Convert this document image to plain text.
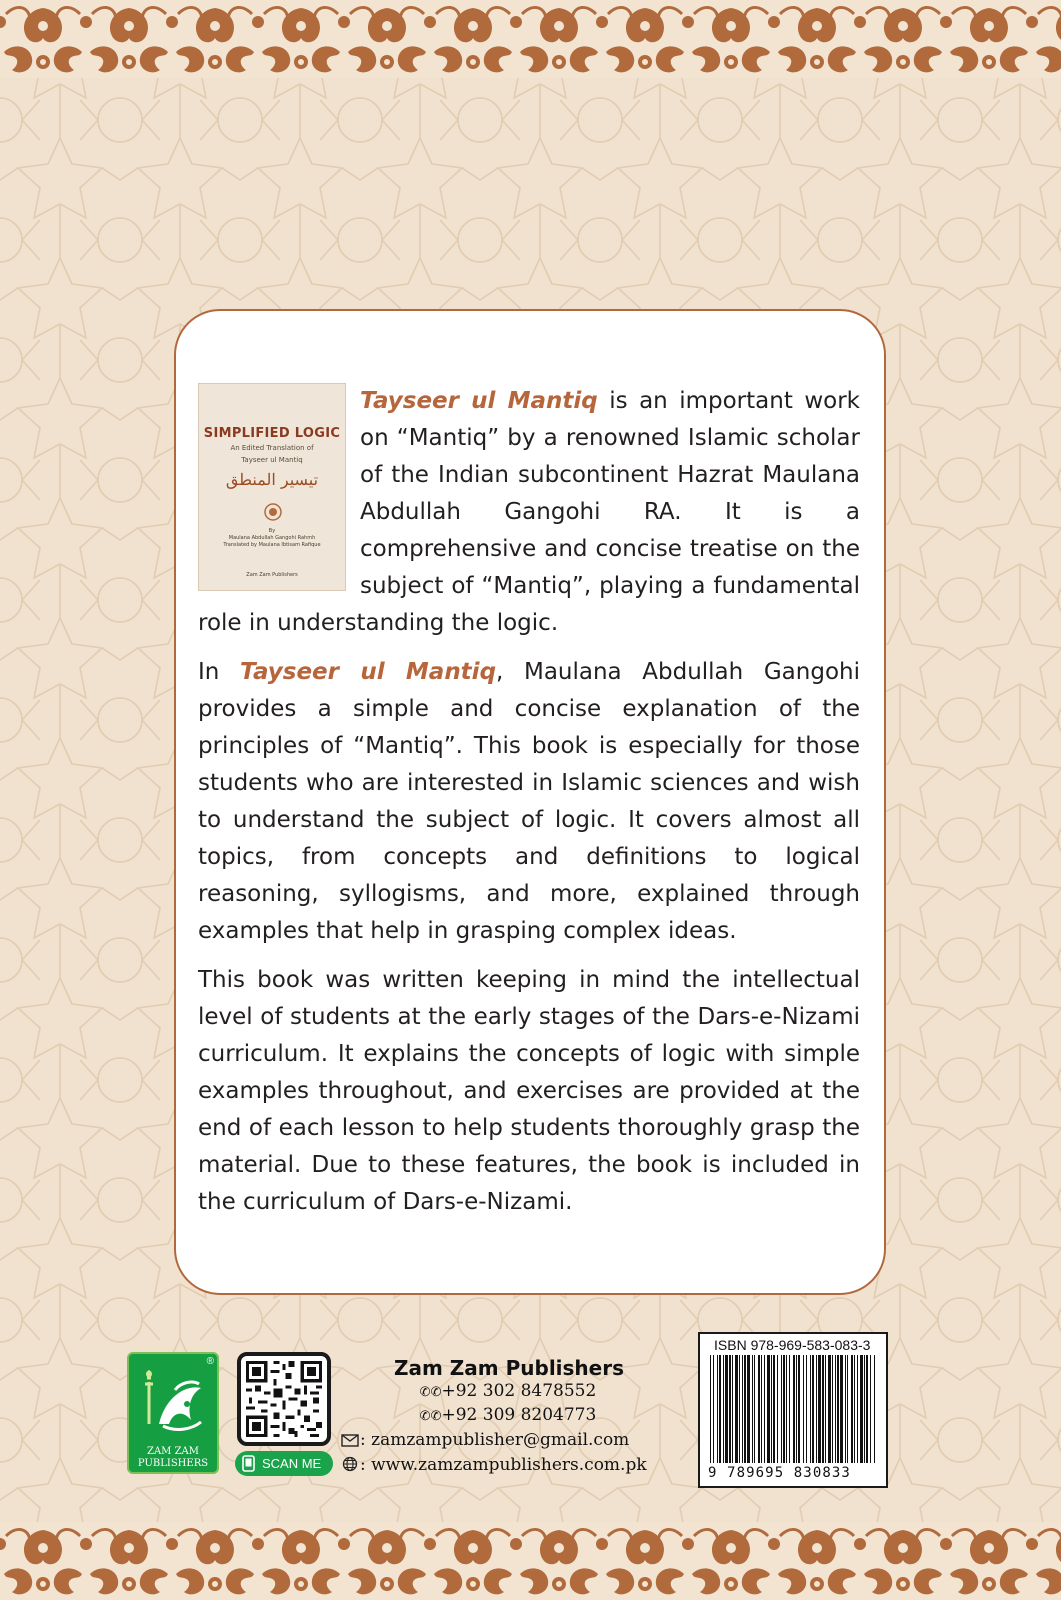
SIMPLIFIED LOGIC
An Edited Translation of
Tayseer ul Mantiq
تيسير المنطق
By
Maulana Abdullah Gangohi Rahmh
Translated by Maulana Ibtisam Rafique
Zam Zam Publishers

Tayseer ul Mantiq is an important work on “Mantiq” by a renowned Islamic scholar of the Indian subcontinent Hazrat Maulana Abdullah Gangohi RA. It is a comprehensive and concise treatise on the subject of “Mantiq”, playing a fundamental role in understanding the logic.

In Tayseer ul Mantiq, Maulana Abdullah Gangohi provides a simple and concise explanation of the principles of “Mantiq”. This book is especially for those students who are interested in Islamic sciences and wish to understand the subject of logic. It covers almost all topics, from concepts and definitions to logical reasoning, syllogisms, and more, explained through examples that help in grasping complex ideas.

This book was written keeping in mind the intellectual level of students at the early stages of the Dars-e-Nizami curriculum. It explains the concepts of logic with simple examples throughout, and exercises are provided at the end of each lesson to help students thoroughly grasp the material. Due to these features, the book is included in the curriculum of Dars-e-Nizami.

®
ZAM ZAM
PUBLISHERS	SCAN ME
Zam Zam Publishers
✆✆+92 302 8478552
✆✆+92 309 8204773
: zamzampublisher@gmail.com
: www.zamzampublishers.com.pk
ISBN 978-969-583-083-3
9 789695 830833
